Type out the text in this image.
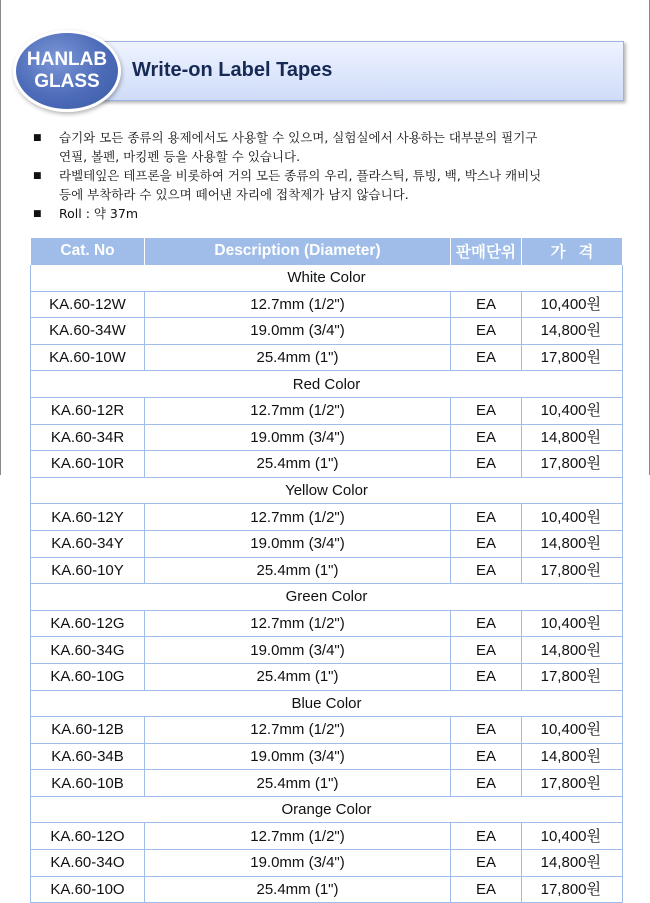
Write-on Label Tapes
HANLAB
GLASS
■	습기와 모든 종류의 용제에서도 사용할 수 있으며, 실험실에서 사용하는 대부분의 필기구
연필, 볼펜, 마킹펜 등을 사용할 수 있습니다.
■	라벨테잎은 테프론을 비롯하여 거의 모든 종류의 우리, 플라스틱, 튜빙, 백, 박스나 캐비닛
등에 부착하라 수 있으며 떼어낸 자리에 접착제가 남지 않습니다.
■	Roll : 약 37m
Cat. No	Description (Diameter)	판매단위	가   격
White Color			
KA.60-12W	12.7mm (1/2")	EA	10,400원
KA.60-34W	19.0mm (3/4")	EA	14,800원
KA.60-10W	25.4mm (1")	EA	17,800원
Red Color			
KA.60-12R	12.7mm (1/2")	EA	10,400원
KA.60-34R	19.0mm (3/4")	EA	14,800원
KA.60-10R	25.4mm (1")	EA	17,800원
Yellow Color			
KA.60-12Y	12.7mm (1/2")	EA	10,400원
KA.60-34Y	19.0mm (3/4")	EA	14,800원
KA.60-10Y	25.4mm (1")	EA	17,800원
Green Color			
KA.60-12G	12.7mm (1/2")	EA	10,400원
KA.60-34G	19.0mm (3/4")	EA	14,800원
KA.60-10G	25.4mm (1")	EA	17,800원
Blue Color			
KA.60-12B	12.7mm (1/2")	EA	10,400원
KA.60-34B	19.0mm (3/4")	EA	14,800원
KA.60-10B	25.4mm (1")	EA	17,800원
Orange Color			
KA.60-12O	12.7mm (1/2")	EA	10,400원
KA.60-34O	19.0mm (3/4")	EA	14,800원
KA.60-10O	25.4mm (1")	EA	17,800원
